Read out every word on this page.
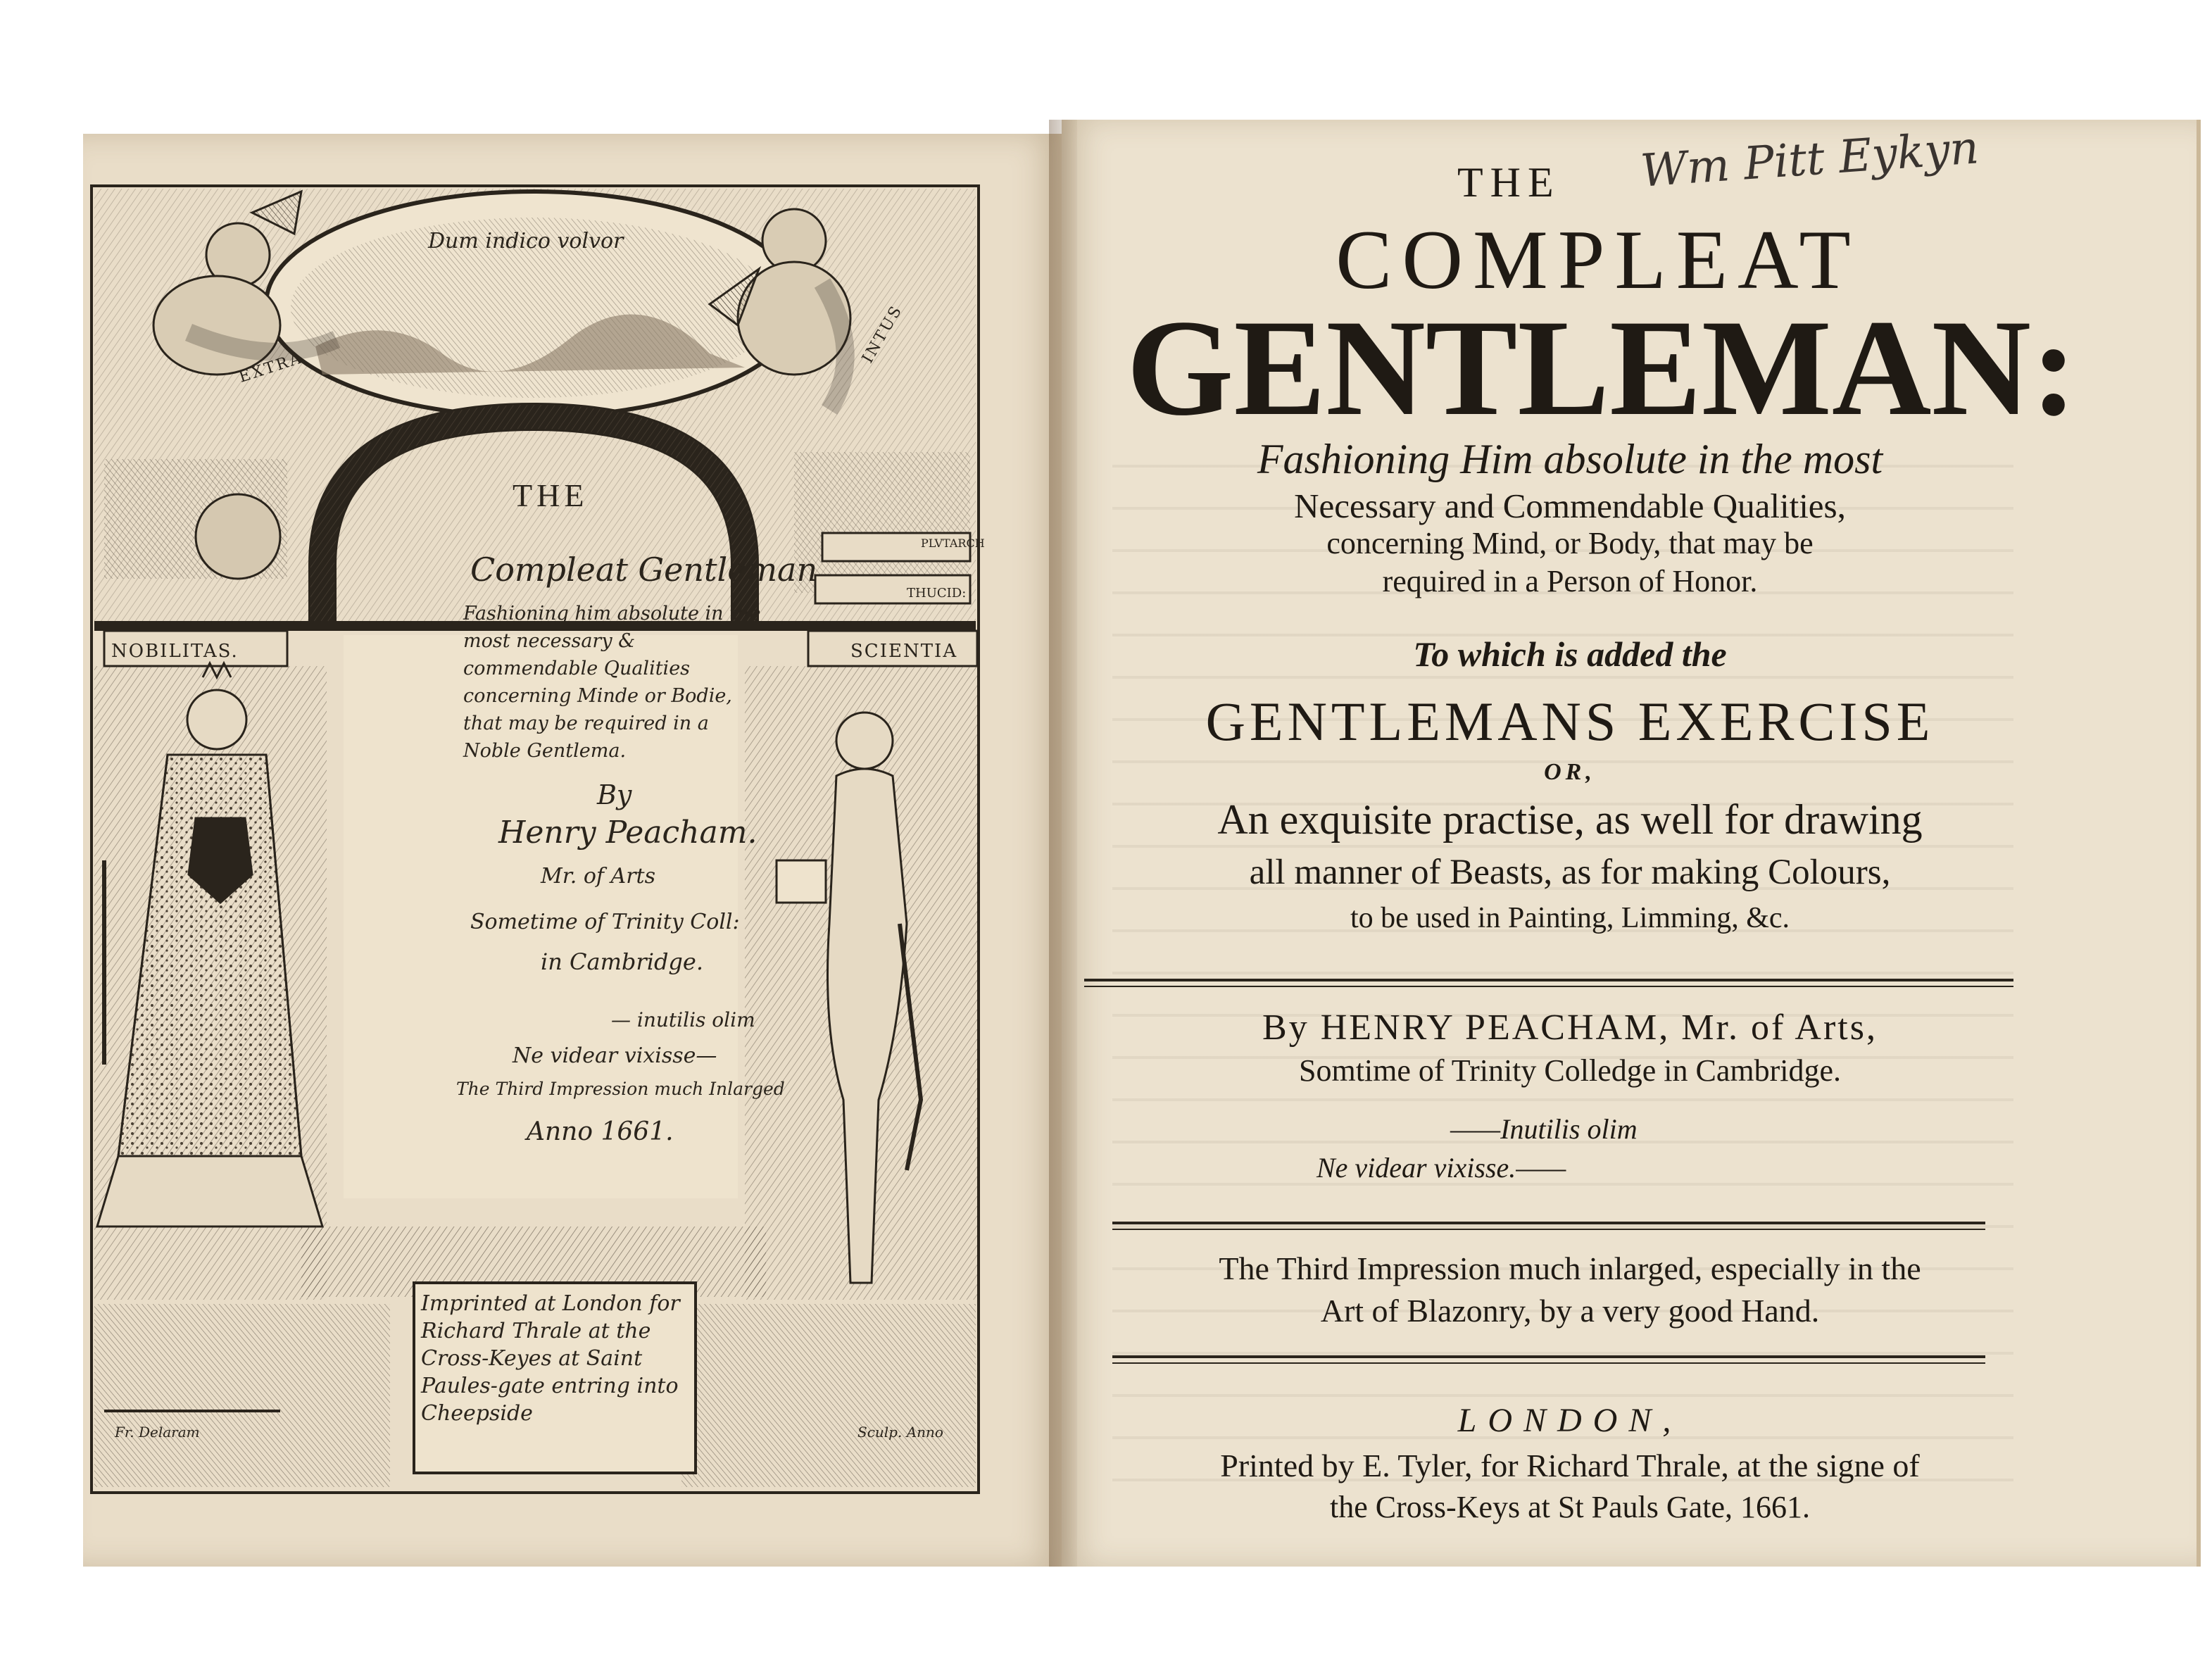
Dum indico volvor
EXTRA
INTUS
PLVTARCH
THUCID:
NOBILITAS.	SCIENTIA
THE
Compleat Gentleman
Fashioning him absolute in the most necessary & commendable Qualities concerning Minde or Bodie, that may be required in a Noble Gentlema.
By
Henry Peacham.
Mr. of Arts
Sometime of Trinity Coll:
in Cambridge.
— inutilis olim
Ne videar vixisse—
The Third Impression much Inlarged
Anno 1661.
Imprinted at London for Richard Thrale at the Cross-Keyes at Saint Paules-gate entring into Cheepside
Fr. Delaram	Sculp. Anno
Wm Pitt Eykyn
THE
COMPLEAT
GENTLEMAN:
Fashioning Him absolute in the most
Necessary and Commendable Qualities,
concerning Mind, or Body, that may be
required in a Person of Honor.
To which is added the
GENTLEMANS EXERCISE
OR,
An exquisite practise, as well for drawing
all manner of Beasts, as for making Colours,
to be used in Painting, Limming, &c.
By HENRY PEACHAM, Mr. of Arts,
Somtime of Trinity Colledge in Cambridge.
——Inutilis olim
Ne videar vixisse.——
The Third Impression much inlarged, especially in the
Art of Blazonry, by a very good Hand.
LONDON,
Printed by E. Tyler, for Richard Thrale, at the signe of
the Cross-Keys at St Pauls Gate, 1661.
